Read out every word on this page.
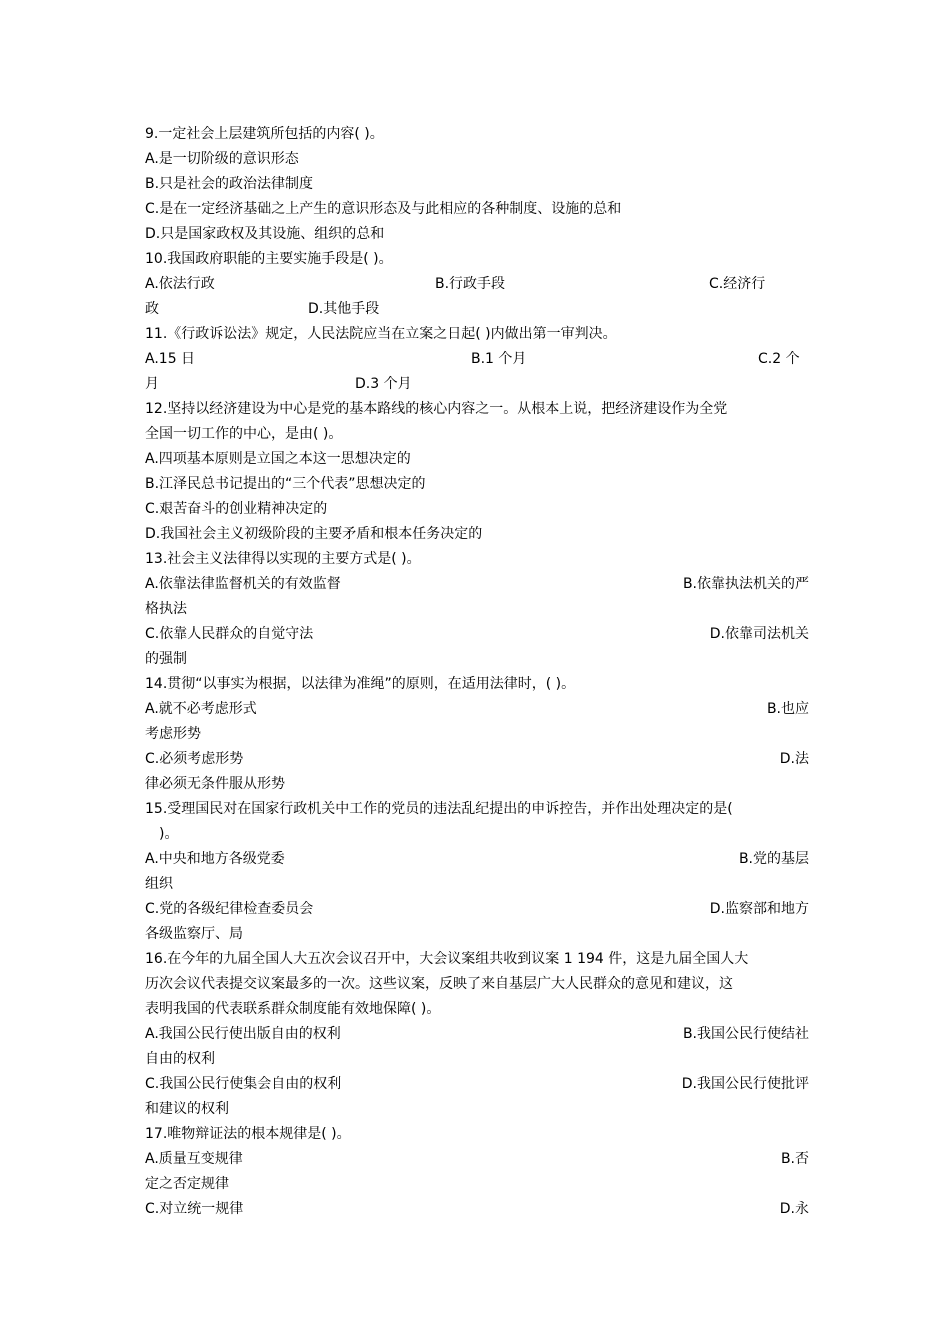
9.一定社会上层建筑所包括的内容( )。
A.是一切阶级的意识形态
B.只是社会的政治法律制度
C.是在一定经济基础之上产生的意识形态及与此相应的各种制度、设施的总和
D.只是国家政权及其设施、组织的总和
10.我国政府职能的主要实施手段是( )。
A.依法行政	B.行政手段	C.经济行
政	D.其他手段
11.《行政诉讼法》规定，人民法院应当在立案之日起( )内做出第一审判决。
A.15 日	B.1 个月	C.2 个
月	D.3 个月
12.坚持以经济建设为中心是党的基本路线的核心内容之一。从根本上说，把经济建设作为全党
全国一切工作的中心，是由( )。
A.四项基本原则是立国之本这一思想决定的
B.江泽民总书记提出的“三个代表”思想决定的
C.艰苦奋斗的创业精神决定的
D.我国社会主义初级阶段的主要矛盾和根本任务决定的
13.社会主义法律得以实现的主要方式是( )。
A.依靠法律监督机关的有效监督	B.依靠执法机关的严
格执法
C.依靠人民群众的自觉守法	D.依靠司法机关
的强制
14.贯彻“以事实为根据，以法律为准绳”的原则，在适用法律时，( )。
A.就不必考虑形式	B.也应
考虑形势
C.必须考虑形势	D.法
律必须无条件服从形势
15.受理国民对在国家行政机关中工作的党员的违法乱纪提出的申诉控告，并作出处理决定的是(
)。
A.中央和地方各级党委	B.党的基层
组织
C.党的各级纪律检查委员会	D.监察部和地方
各级监察厅、局
16.在今年的九届全国人大五次会议召开中，大会议案组共收到议案 1 194 件，这是九届全国人大
历次会议代表提交议案最多的一次。这些议案，反映了来自基层广大人民群众的意见和建议，这
表明我国的代表联系群众制度能有效地保障( )。
A.我国公民行使出版自由的权利	B.我国公民行使结社
自由的权利
C.我国公民行使集会自由的权利	D.我国公民行使批评
和建议的权利
17.唯物辩证法的根本规律是( )。
A.质量互变规律	B.否
定之否定规律
C.对立统一规律	D.永
